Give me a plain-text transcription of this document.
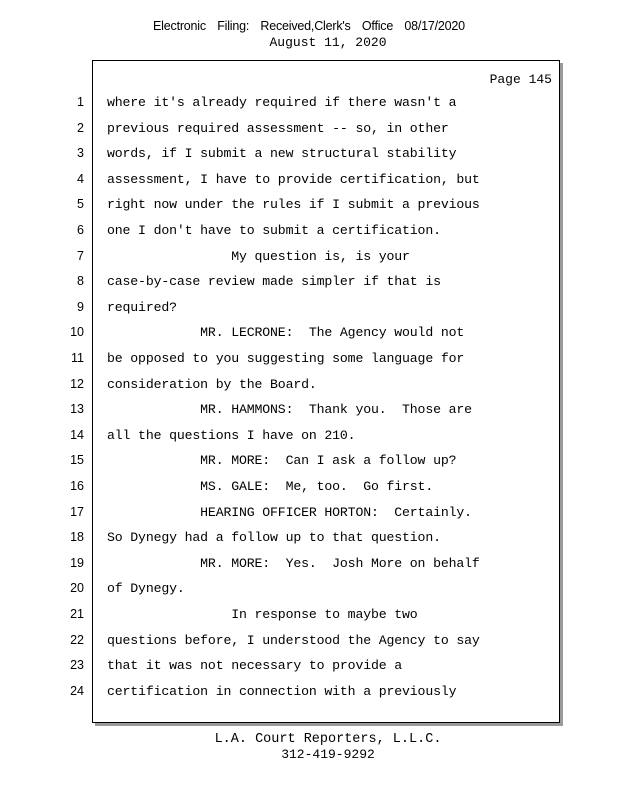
Electronic Filing: Received,Clerk's Office 08/17/2020
August 11, 2020
Page 145
1 where it's already required if there wasn't a
2 previous required assessment -- so, in other
3 words, if I submit a new structural stability
4 assessment, I have to provide certification, but
5 right now under the rules if I submit a previous
6 one I don't have to submit a certification.
7 My question is, is your
8 case-by-case review made simpler if that is
9 required?
10 MR. LECRONE:  The Agency would not
11 be opposed to you suggesting some language for
12 consideration by the Board.
13 MR. HAMMONS:  Thank you.  Those are
14 all the questions I have on 210.
15 MR. MORE:  Can I ask a follow up?
16 MS. GALE:  Me, too.  Go first.
17 HEARING OFFICER HORTON:  Certainly.
18 So Dynegy had a follow up to that question.
19 MR. MORE:  Yes.  Josh More on behalf
20 of Dynegy.
21 In response to maybe two
22 questions before, I understood the Agency to say
23 that it was not necessary to provide a
24 certification in connection with a previously
L.A. Court Reporters, L.L.C.
312-419-9292
